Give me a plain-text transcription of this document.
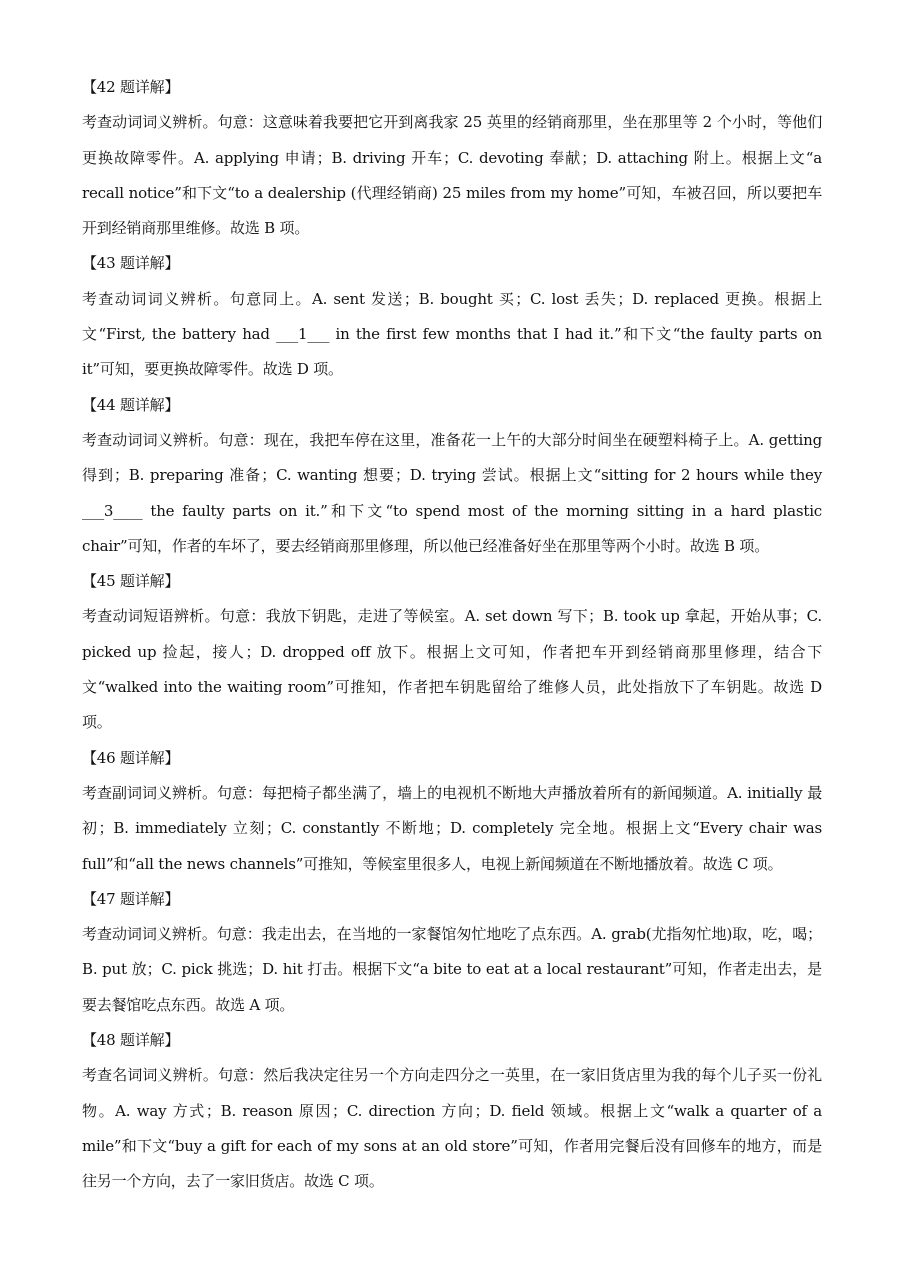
【42 题详解】
考查动词词义辨析。句意：这意味着我要把它开到离我家 25 英里的经销商那里，坐在那里等 2 个小时，等他们更换故障零件。A. applying 申请；B. driving 开车；C. devoting 奉献；D. attaching 附上。根据上文“a recall notice”和下文“to a dealership (代理经销商) 25 miles from my home”可知，车被召回，所以要把车开到经销商那里维修。故选 B 项。
【43 题详解】
考查动词词义辨析。句意同上。A. sent 发送；B. bought 买；C. lost 丢失；D. replaced 更换。根据上文“First, the battery had ___1___ in the first few months that I had it.”和下文“the faulty parts on it”可知，要更换故障零件。故选 D 项。
【44 题详解】
考查动词词义辨析。句意：现在，我把车停在这里，准备花一上午的大部分时间坐在硬塑料椅子上。A. getting 得到；B. preparing 准备；C. wanting 想要；D. trying 尝试。根据上文“sitting for 2 hours while they ___3____ the faulty parts on it.”和下文“to spend most of the morning sitting in a hard plastic chair”可知，作者的车坏了，要去经销商那里修理，所以他已经准备好坐在那里等两个小时。故选 B 项。
【45 题详解】
考查动词短语辨析。句意：我放下钥匙，走进了等候室。A. set down 写下；B. took up 拿起，开始从事；C. picked up 捡起，接人；D. dropped off 放下。根据上文可知，作者把车开到经销商那里修理，结合下文“walked into the waiting room”可推知，作者把车钥匙留给了维修人员，此处指放下了车钥匙。故选 D 项。
【46 题详解】
考查副词词义辨析。句意：每把椅子都坐满了，墙上的电视机不断地大声播放着所有的新闻频道。A. initially 最初；B. immediately 立刻；C. constantly 不断地；D. completely 完全地。根据上文“Every chair was full”和“all the news channels”可推知，等候室里很多人，电视上新闻频道在不断地播放着。故选 C 项。
【47 题详解】
考查动词词义辨析。句意：我走出去，在当地的一家餐馆匆忙地吃了点东西。A. grab(尤指匆忙地)取，吃，喝；B. put 放；C. pick 挑选；D. hit 打击。根据下文“a bite to eat at a local restaurant”可知，作者走出去，是要去餐馆吃点东西。故选 A 项。
【48 题详解】
考查名词词义辨析。句意：然后我决定往另一个方向走四分之一英里，在一家旧货店里为我的每个儿子买一份礼物。A. way 方式；B. reason 原因；C. direction 方向；D. field 领域。根据上文“walk a quarter of a mile”和下文“buy a gift for each of my sons at an old store”可知，作者用完餐后没有回修车的地方，而是往另一个方向，去了一家旧货店。故选 C 项。
